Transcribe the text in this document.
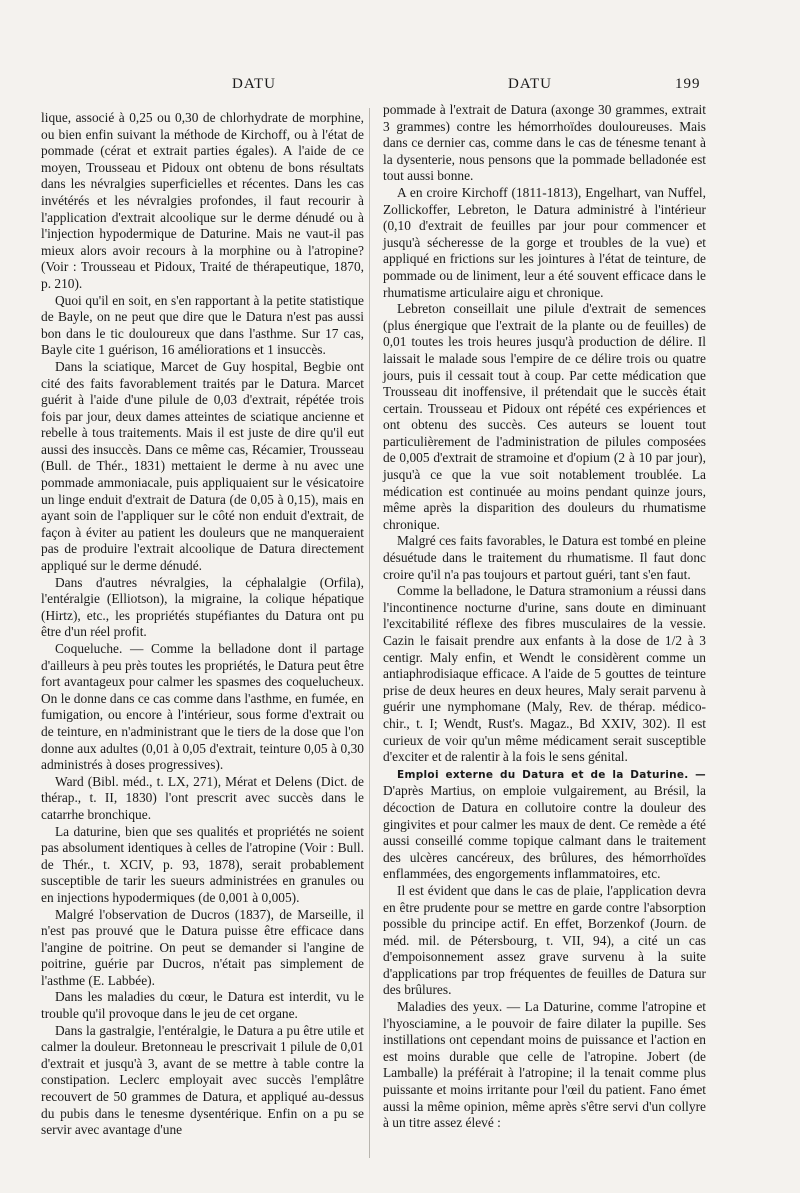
DATU	DATU	199

lique, associé à 0,25 ou 0,30 de chlorhydrate de morphine, ou bien enfin suivant la méthode de Kirchoff, ou à l'état de pommade (cérat et extrait parties égales). A l'aide de ce moyen, Trousseau et Pidoux ont obtenu de bons résultats dans les névralgies superficielles et récentes. Dans les cas invétérés et les névralgies profondes, il faut recourir à l'application d'extrait alcoolique sur le derme dénudé ou à l'injection hypodermique de Daturine. Mais ne vaut-il pas mieux alors avoir recours à la morphine ou à l'atropine? (Voir : Trousseau et Pidoux, Traité de thérapeutique, 1870, p. 210).

Quoi qu'il en soit, en s'en rapportant à la petite statistique de Bayle, on ne peut que dire que le Datura n'est pas aussi bon dans le tic douloureux que dans l'asthme. Sur 17 cas, Bayle cite 1 guérison, 16 améliorations et 1 insuccès.

Dans la sciatique, Marcet de Guy hospital, Begbie ont cité des faits favorablement traités par le Datura. Marcet guérit à l'aide d'une pilule de 0,03 d'extrait, répétée trois fois par jour, deux dames atteintes de sciatique ancienne et rebelle à tous traitements. Mais il est juste de dire qu'il eut aussi des insuccès. Dans ce même cas, Récamier, Trousseau (Bull. de Thér., 1831) mettaient le derme à nu avec une pommade ammoniacale, puis appliquaient sur le vésicatoire un linge enduit d'extrait de Datura (de 0,05 à 0,15), mais en ayant soin de l'appliquer sur le côté non enduit d'extrait, de façon à éviter au patient les douleurs que ne manqueraient pas de produire l'extrait alcoolique de Datura directement appliqué sur le derme dénudé.

Dans d'autres névralgies, la céphalalgie (Orfila), l'entéralgie (Elliotson), la migraine, la colique hépatique (Hirtz), etc., les propriétés stupéfiantes du Datura ont pu être d'un réel profit.

Coqueluche. — Comme la belladone dont il partage d'ailleurs à peu près toutes les propriétés, le Datura peut être fort avantageux pour calmer les spasmes des coquelucheux. On le donne dans ce cas comme dans l'asthme, en fumée, en fumigation, ou encore à l'intérieur, sous forme d'extrait ou de teinture, en n'administrant que le tiers de la dose que l'on donne aux adultes (0,01 à 0,05 d'extrait, teinture 0,05 à 0,30 administrés à doses progressives).

Ward (Bibl. méd., t. LX, 271), Mérat et Delens (Dict. de thérap., t. II, 1830) l'ont prescrit avec succès dans le catarrhe bronchique.

La daturine, bien que ses qualités et propriétés ne soient pas absolument identiques à celles de l'atropine (Voir : Bull. de Thér., t. XCIV, p. 93, 1878), serait probablement susceptible de tarir les sueurs administrées en granules ou en injections hypodermiques (de 0,001 à 0,005).

Malgré l'observation de Ducros (1837), de Marseille, il n'est pas prouvé que le Datura puisse être efficace dans l'angine de poitrine. On peut se demander si l'angine de poitrine, guérie par Ducros, n'était pas simplement de l'asthme (E. Labbée).

Dans les maladies du cœur, le Datura est interdit, vu le trouble qu'il provoque dans le jeu de cet organe.

Dans la gastralgie, l'entéralgie, le Datura a pu être utile et calmer la douleur. Bretonneau le prescrivait 1 pilule de 0,01 d'extrait et jusqu'à 3, avant de se mettre à table contre la constipation. Leclerc employait avec succès l'emplâtre recouvert de 50 grammes de Datura, et appliqué au-dessus du pubis dans le tenesme dysentérique. Enfin on a pu se servir avec avantage d'une

pommade à l'extrait de Datura (axonge 30 grammes, extrait 3 grammes) contre les hémorrhoïdes douloureuses. Mais dans ce dernier cas, comme dans le cas de ténesme tenant à la dysenterie, nous pensons que la pommade belladonée est tout aussi bonne.

A en croire Kirchoff (1811-1813), Engelhart, van Nuffel, Zollickoffer, Lebreton, le Datura administré à l'intérieur (0,10 d'extrait de feuilles par jour pour commencer et jusqu'à sécheresse de la gorge et troubles de la vue) et appliqué en frictions sur les jointures à l'état de teinture, de pommade ou de liniment, leur a été souvent efficace dans le rhumatisme articulaire aigu et chronique.

Lebreton conseillait une pilule d'extrait de semences (plus énergique que l'extrait de la plante ou de feuilles) de 0,01 toutes les trois heures jusqu'à production de délire. Il laissait le malade sous l'empire de ce délire trois ou quatre jours, puis il cessait tout à coup. Par cette médication que Trousseau dit inoffensive, il prétendait que le succès était certain. Trousseau et Pidoux ont répété ces expériences et ont obtenu des succès. Ces auteurs se louent tout particulièrement de l'administration de pilules composées de 0,005 d'extrait de stramoine et d'opium (2 à 10 par jour), jusqu'à ce que la vue soit notablement troublée. La médication est continuée au moins pendant quinze jours, même après la disparition des douleurs du rhumatisme chronique.

Malgré ces faits favorables, le Datura est tombé en pleine désuétude dans le traitement du rhumatisme. Il faut donc croire qu'il n'a pas toujours et partout guéri, tant s'en faut.

Comme la belladone, le Datura stramonium a réussi dans l'incontinence nocturne d'urine, sans doute en diminuant l'excitabilité réflexe des fibres musculaires de la vessie. Cazin le faisait prendre aux enfants à la dose de 1/2 à 3 centigr. Maly enfin, et Wendt le considèrent comme un antiaphrodisiaque efficace. A l'aide de 5 gouttes de teinture prise de deux heures en deux heures, Maly serait parvenu à guérir une nymphomane (Maly, Rev. de thérap. médico-chir., t. I; Wendt, Rust's. Magaz., Bd XXIV, 302). Il est curieux de voir qu'un même médicament serait susceptible d'exciter et de ralentir à la fois le sens génital.

Emploi externe du Datura et de la Daturine. — D'après Martius, on emploie vulgairement, au Brésil, la décoction de Datura en collutoire contre la douleur des gingivites et pour calmer les maux de dent. Ce remède a été aussi conseillé comme topique calmant dans le traitement des ulcères cancéreux, des brûlures, des hémorrhoïdes enflammées, des engorgements inflammatoires, etc.

Il est évident que dans le cas de plaie, l'application devra en être prudente pour se mettre en garde contre l'absorption possible du principe actif. En effet, Borzenkof (Journ. de méd. mil. de Pétersbourg, t. VII, 94), a cité un cas d'empoisonnement assez grave survenu à la suite d'applications par trop fréquentes de feuilles de Datura sur des brûlures.

Maladies des yeux. — La Daturine, comme l'atropine et l'hyosciamine, a le pouvoir de faire dilater la pupille. Ses instillations ont cependant moins de puissance et l'action en est moins durable que celle de l'atropine. Jobert (de Lamballe) la préférait à l'atropine; il la tenait comme plus puissante et moins irritante pour l'œil du patient. Fano émet aussi la même opinion, même après s'être servi d'un collyre à un titre assez élevé :
